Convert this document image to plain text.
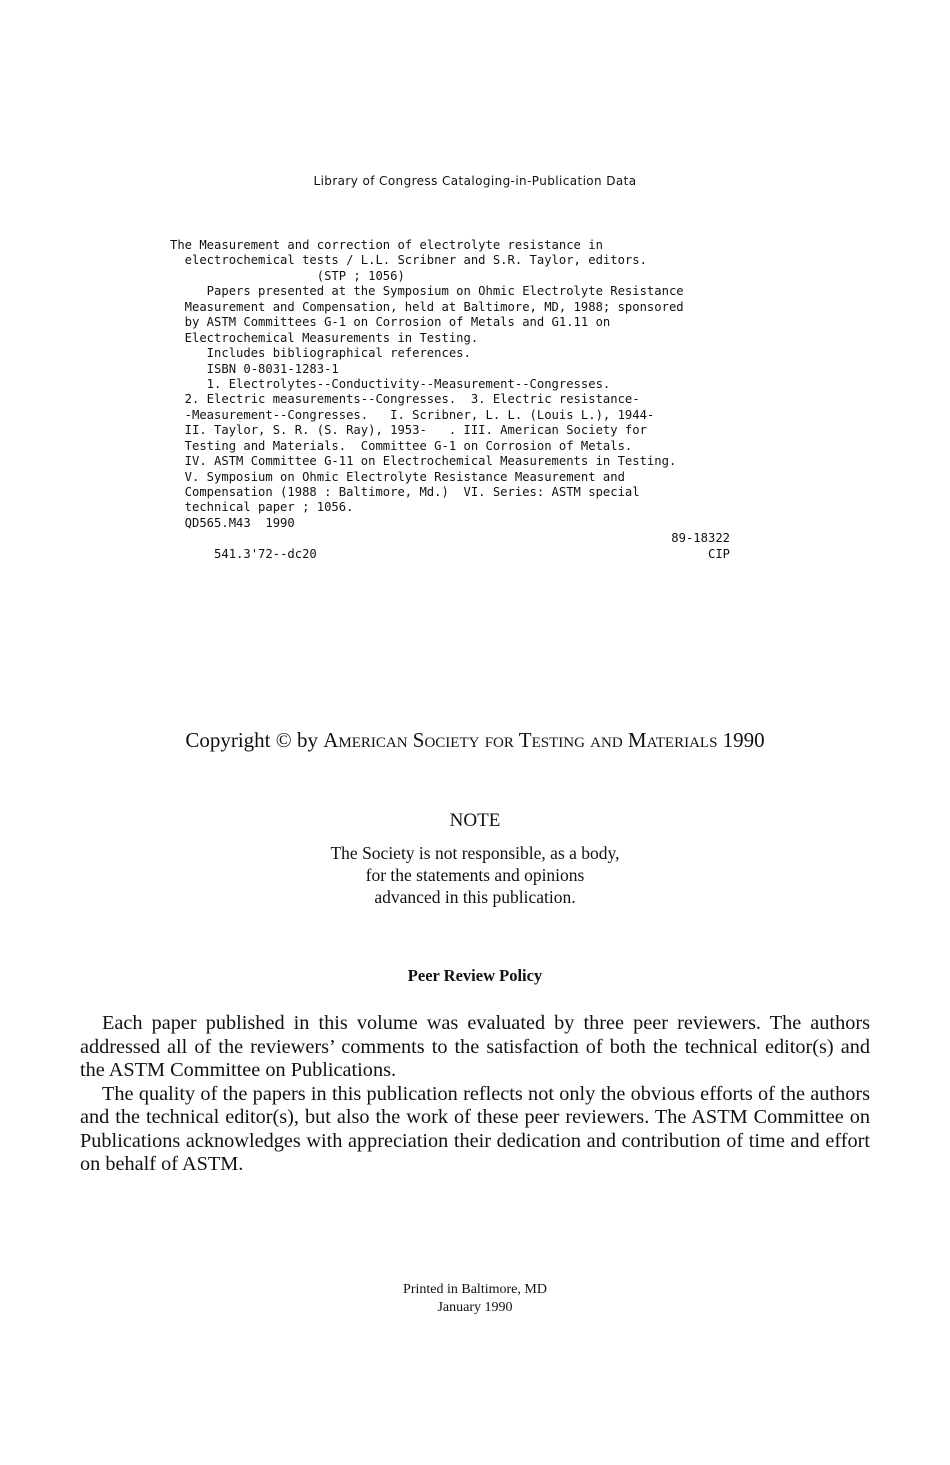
Library of Congress Cataloging-in-Publication Data
The Measurement and correction of electrolyte resistance in
electrochemical tests / L.L. Scribner and S.R. Taylor, editors.
(STP ; 1056)
Papers presented at the Symposium on Ohmic Electrolyte Resistance
Measurement and Compensation, held at Baltimore, MD, 1988; sponsored
by ASTM Committees G-1 on Corrosion of Metals and G1.11 on
Electrochemical Measurements in Testing.
Includes bibliographical references.
ISBN 0-8031-1283-1
1. Electrolytes--Conductivity--Measurement--Congresses.
2. Electric measurements--Congresses.  3. Electric resistance-
-Measurement--Congresses.   I. Scribner, L. L. (Louis L.), 1944-
II. Taylor, S. R. (S. Ray), 1953-   . III. American Society for
Testing and Materials.  Committee G-1 on Corrosion of Metals.
IV. ASTM Committee G-11 on Electrochemical Measurements in Testing.
V. Symposium on Ohmic Electrolyte Resistance Measurement and
Compensation (1988 : Baltimore, Md.)  VI. Series: ASTM special
technical paper ; 1056.
QD565.M43  1990

541.3'72--dc20

89-18322

CIP

Copyright © by American Society for Testing and Materials 1990
NOTE
The Society is not responsible, as a body,
for the statements and opinions
advanced in this publication.
Peer Review Policy

Each paper published in this volume was evaluated by three peer reviewers. The authors addressed all of the reviewers’ comments to the satisfaction of both the technical editor(s) and the ASTM Committee on Publications.

The quality of the papers in this publication reflects not only the obvious efforts of the authors and the technical editor(s), but also the work of these peer reviewers. The ASTM Committee on Publications acknowledges with appreciation their dedication and contribution of time and effort on behalf of ASTM.

Printed in Baltimore, MD
January 1990
